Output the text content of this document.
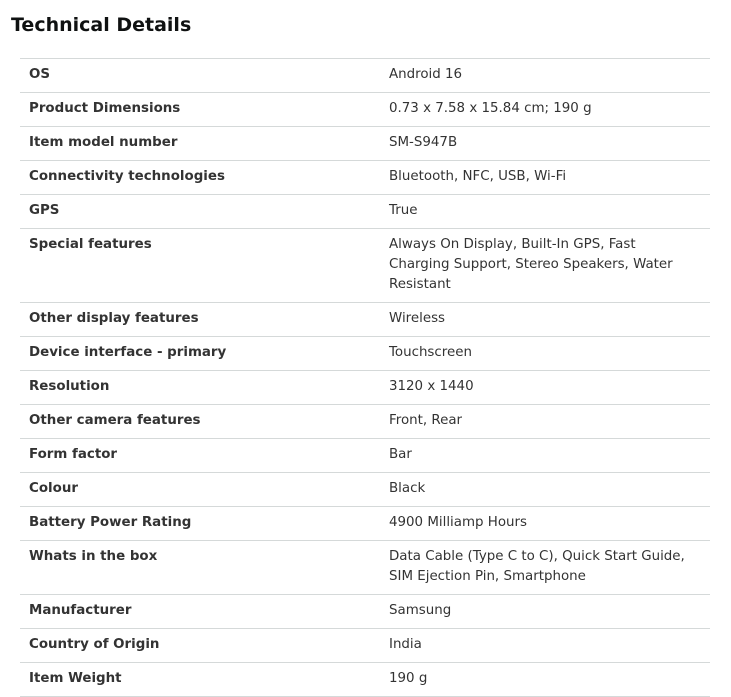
Technical Details
OS	Android 16
Product Dimensions	0.73 x 7.58 x 15.84 cm; 190 g
Item model number	SM-S947B
Connectivity technologies	Bluetooth, NFC, USB, Wi-Fi
GPS	True
Special features	Always On Display, Built-In GPS, Fast Charging Support, Stereo Speakers, Water Resistant
Other display features	Wireless
Device interface - primary	Touchscreen
Resolution	3120 x 1440
Other camera features	Front, Rear
Form factor	Bar
Colour	Black
Battery Power Rating	4900 Milliamp Hours
Whats in the box	Data Cable (Type C to C), Quick Start Guide, SIM Ejection Pin, Smartphone
Manufacturer	Samsung
Country of Origin	India
Item Weight	190 g
